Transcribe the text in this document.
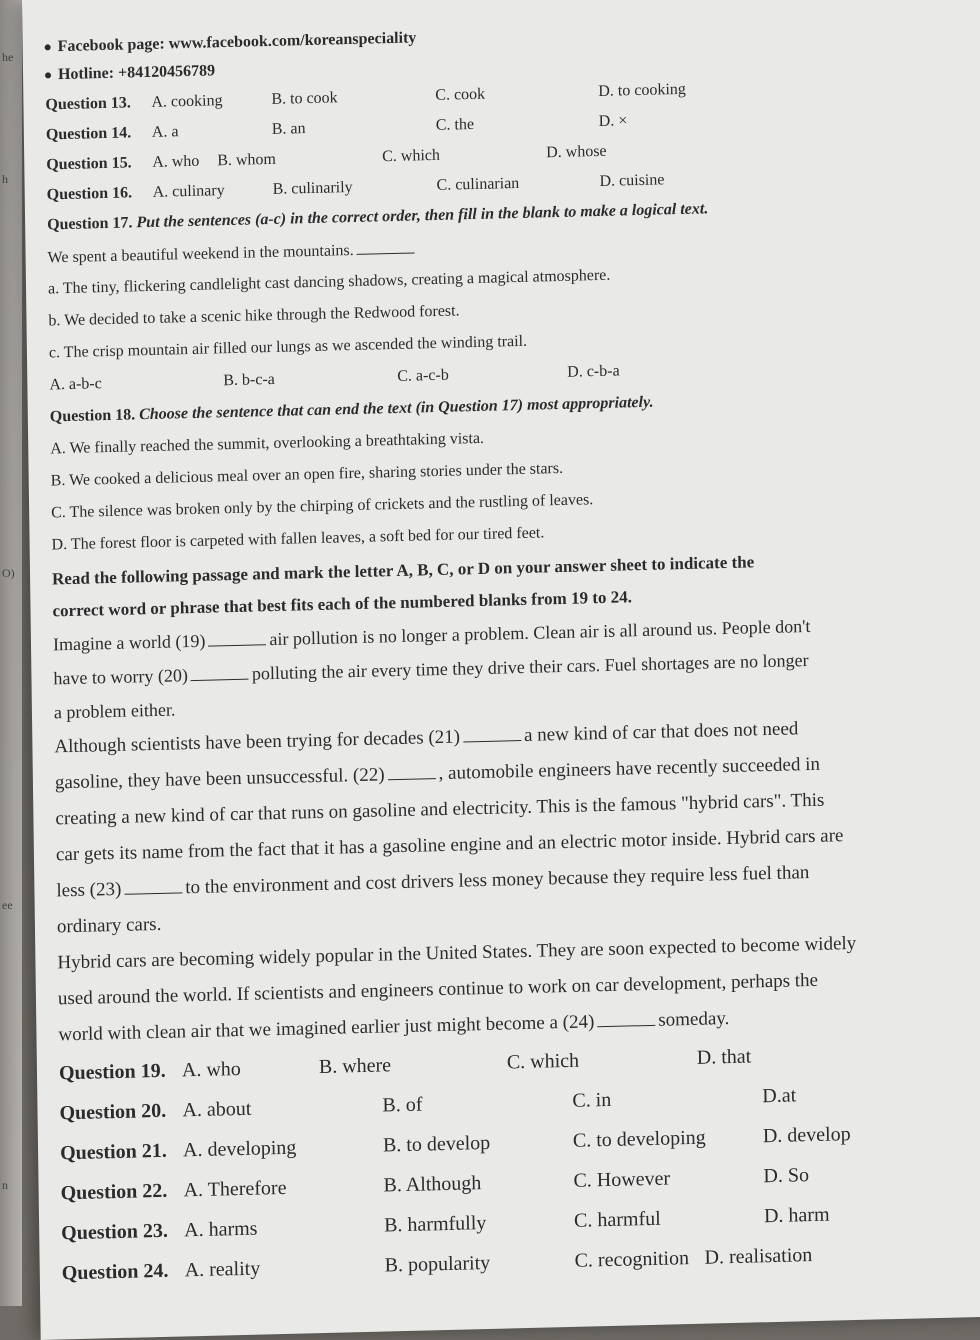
he
h
O)
ee
n
Facebook page: www.facebook.com/koreanspeciality
Hotline: +84120456789
Question 13. A. cooking	B. to cook	C. cook	D. to cooking
Question 14. A. a	B. an	C. the	D. ×
Question 15. A. who B. whom	C. which	D. whose
Question 16. A. culinary	B. culinarily	C. culinarian	D. cuisine
Question 17. Put the sentences (a-c) in the correct order, then fill in the blank to make a logical text.
We spent a beautiful weekend in the mountains.
a. The tiny, flickering candlelight cast dancing shadows, creating a magical atmosphere.
b. We decided to take a scenic hike through the Redwood forest.
c. The crisp mountain air filled our lungs as we ascended the winding trail.
A. a-b-c	B. b-c-a	C. a-c-b	D. c-b-a
Question 18. Choose the sentence that can end the text (in Question 17) most appropriately.
A. We finally reached the summit, overlooking a breathtaking vista.
B. We cooked a delicious meal over an open fire, sharing stories under the stars.
C. The silence was broken only by the chirping of crickets and the rustling of leaves.
D. The forest floor is carpeted with fallen leaves, a soft bed for our tired feet.
Read the following passage and mark the letter A, B, C, or D on your answer sheet to indicate the
correct word or phrase that best fits each of the numbered blanks from 19 to 24.
Imagine a world (19)	air pollution is no longer a problem. Clean air is all around us. People don't
have to worry (20)	polluting the air every time they drive their cars. Fuel shortages are no longer
a problem either.
Although scientists have been trying for decades (21)	a new kind of car that does not need
gasoline, they have been unsuccessful. (22)	, automobile engineers have recently succeeded in
creating a new kind of car that runs on gasoline and electricity. This is the famous "hybrid cars". This
car gets its name from the fact that it has a gasoline engine and an electric motor inside. Hybrid cars are
less (23)	to the environment and cost drivers less money because they require less fuel than
ordinary cars.
Hybrid cars are becoming widely popular in the United States. They are soon expected to become widely
used around the world. If scientists and engineers continue to work on car development, perhaps the
world with clean air that we imagined earlier just might become a (24)	someday.
Question 19. A. who	B. where	C. which	D. that
Question 20. A. about	B. of	C. in	D.at
Question 21. A. developing	B. to develop	C. to developing	D. develop
Question 22. A. Therefore	B. Although	C. However	D. So
Question 23. A. harms	B. harmfully	C. harmful	D. harm
Question 24. A. reality	B. popularity	C. recognition D. realisation
